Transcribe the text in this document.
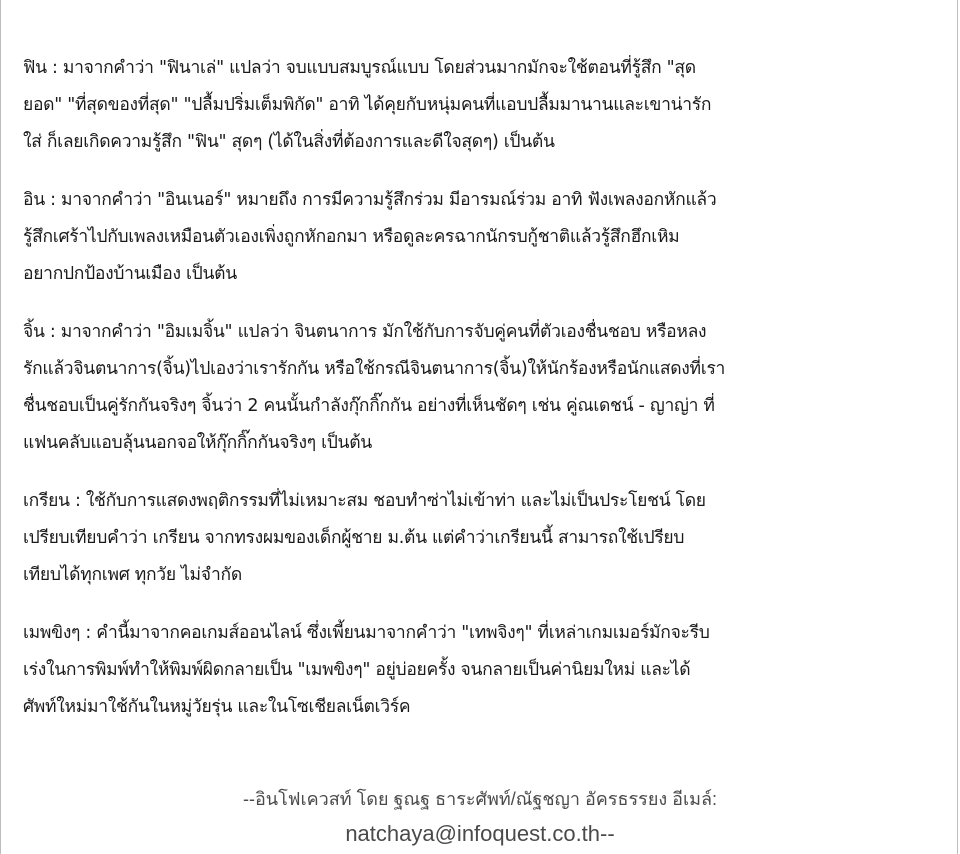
ฟิน : มาจากคำว่า "ฟินาเล่" แปลว่า จบแบบสมบูรณ์แบบ โดยส่วนมากมักจะใช้ตอนที่รู้สึก "สุด
ยอด" "ที่สุดของที่สุด" "ปลื้มปริ่มเต็มพิกัด" อาทิ ได้คุยกับหนุ่มคนที่แอบปลื้มมานานและเขาน่ารัก
ใส่ ก็เลยเกิดความรู้สึก "ฟิน" สุดๆ (ได้ในสิ่งที่ต้องการและดีใจสุดๆ) เป็นต้น
อิน : มาจากคำว่า "อินเนอร์" หมายถึง การมีความรู้สึกร่วม มีอารมณ์ร่วม อาทิ ฟังเพลงอกหักแล้ว
รู้สึกเศร้าไปกับเพลงเหมือนตัวเองเพิ่งถูกหักอกมา หรือดูละครฉากนักรบกู้ชาติแล้วรู้สึกฮึกเหิม
อยากปกป้องบ้านเมือง เป็นต้น
จิ้น : มาจากคำว่า "อิมเมจิ้น" แปลว่า จินตนาการ มักใช้กับการจับคู่คนที่ตัวเองชื่นชอบ หรือหลง
รักแล้วจินตนาการ(จิ้น)ไปเองว่าเรารักกัน หรือใช้กรณีจินตนาการ(จิ้น)ให้นักร้องหรือนักแสดงที่เรา
ชื่นชอบเป็นคู่รักกันจริงๆ จิ้นว่า 2 คนนั้นกำลังกุ๊กกิ๊กกัน อย่างที่เห็นชัดๆ เช่น คู่ณเดชน์ - ญาญ่า ที่
แฟนคลับแอบลุ้นนอกจอให้กุ๊กกิ๊กกันจริงๆ เป็นต้น
เกรียน : ใช้กับการแสดงพฤติกรรมที่ไม่เหมาะสม ชอบทำซ่าไม่เข้าท่า และไม่เป็นประโยชน์ โดย
เปรียบเทียบคำว่า เกรียน จากทรงผมของเด็กผู้ชาย ม.ต้น แต่คำว่าเกรียนนี้ สามารถใช้เปรียบ
เทียบได้ทุกเพศ ทุกวัย ไม่จำกัด
เมพขิงๆ : คำนี้มาจากคอเกมส์ออนไลน์ ซึ่งเพี้ยนมาจากคำว่า "เทพจิงๆ" ที่เหล่าเกมเมอร์มักจะรีบ
เร่งในการพิมพ์ทำให้พิมพ์ผิดกลายเป็น "เมพขิงๆ" อยู่บ่อยครั้ง จนกลายเป็นค่านิยมใหม่ และได้
ศัพท์ใหม่มาใช้กันในหมู่วัยรุ่น และในโซเชียลเน็ตเวิร์ค
--อินโฟเควสท์ โดย ฐณฐ ธาระศัพท์/ณัฐชญา อัครธรรยง อีเมล์:
natchaya@infoquest.co.th--
